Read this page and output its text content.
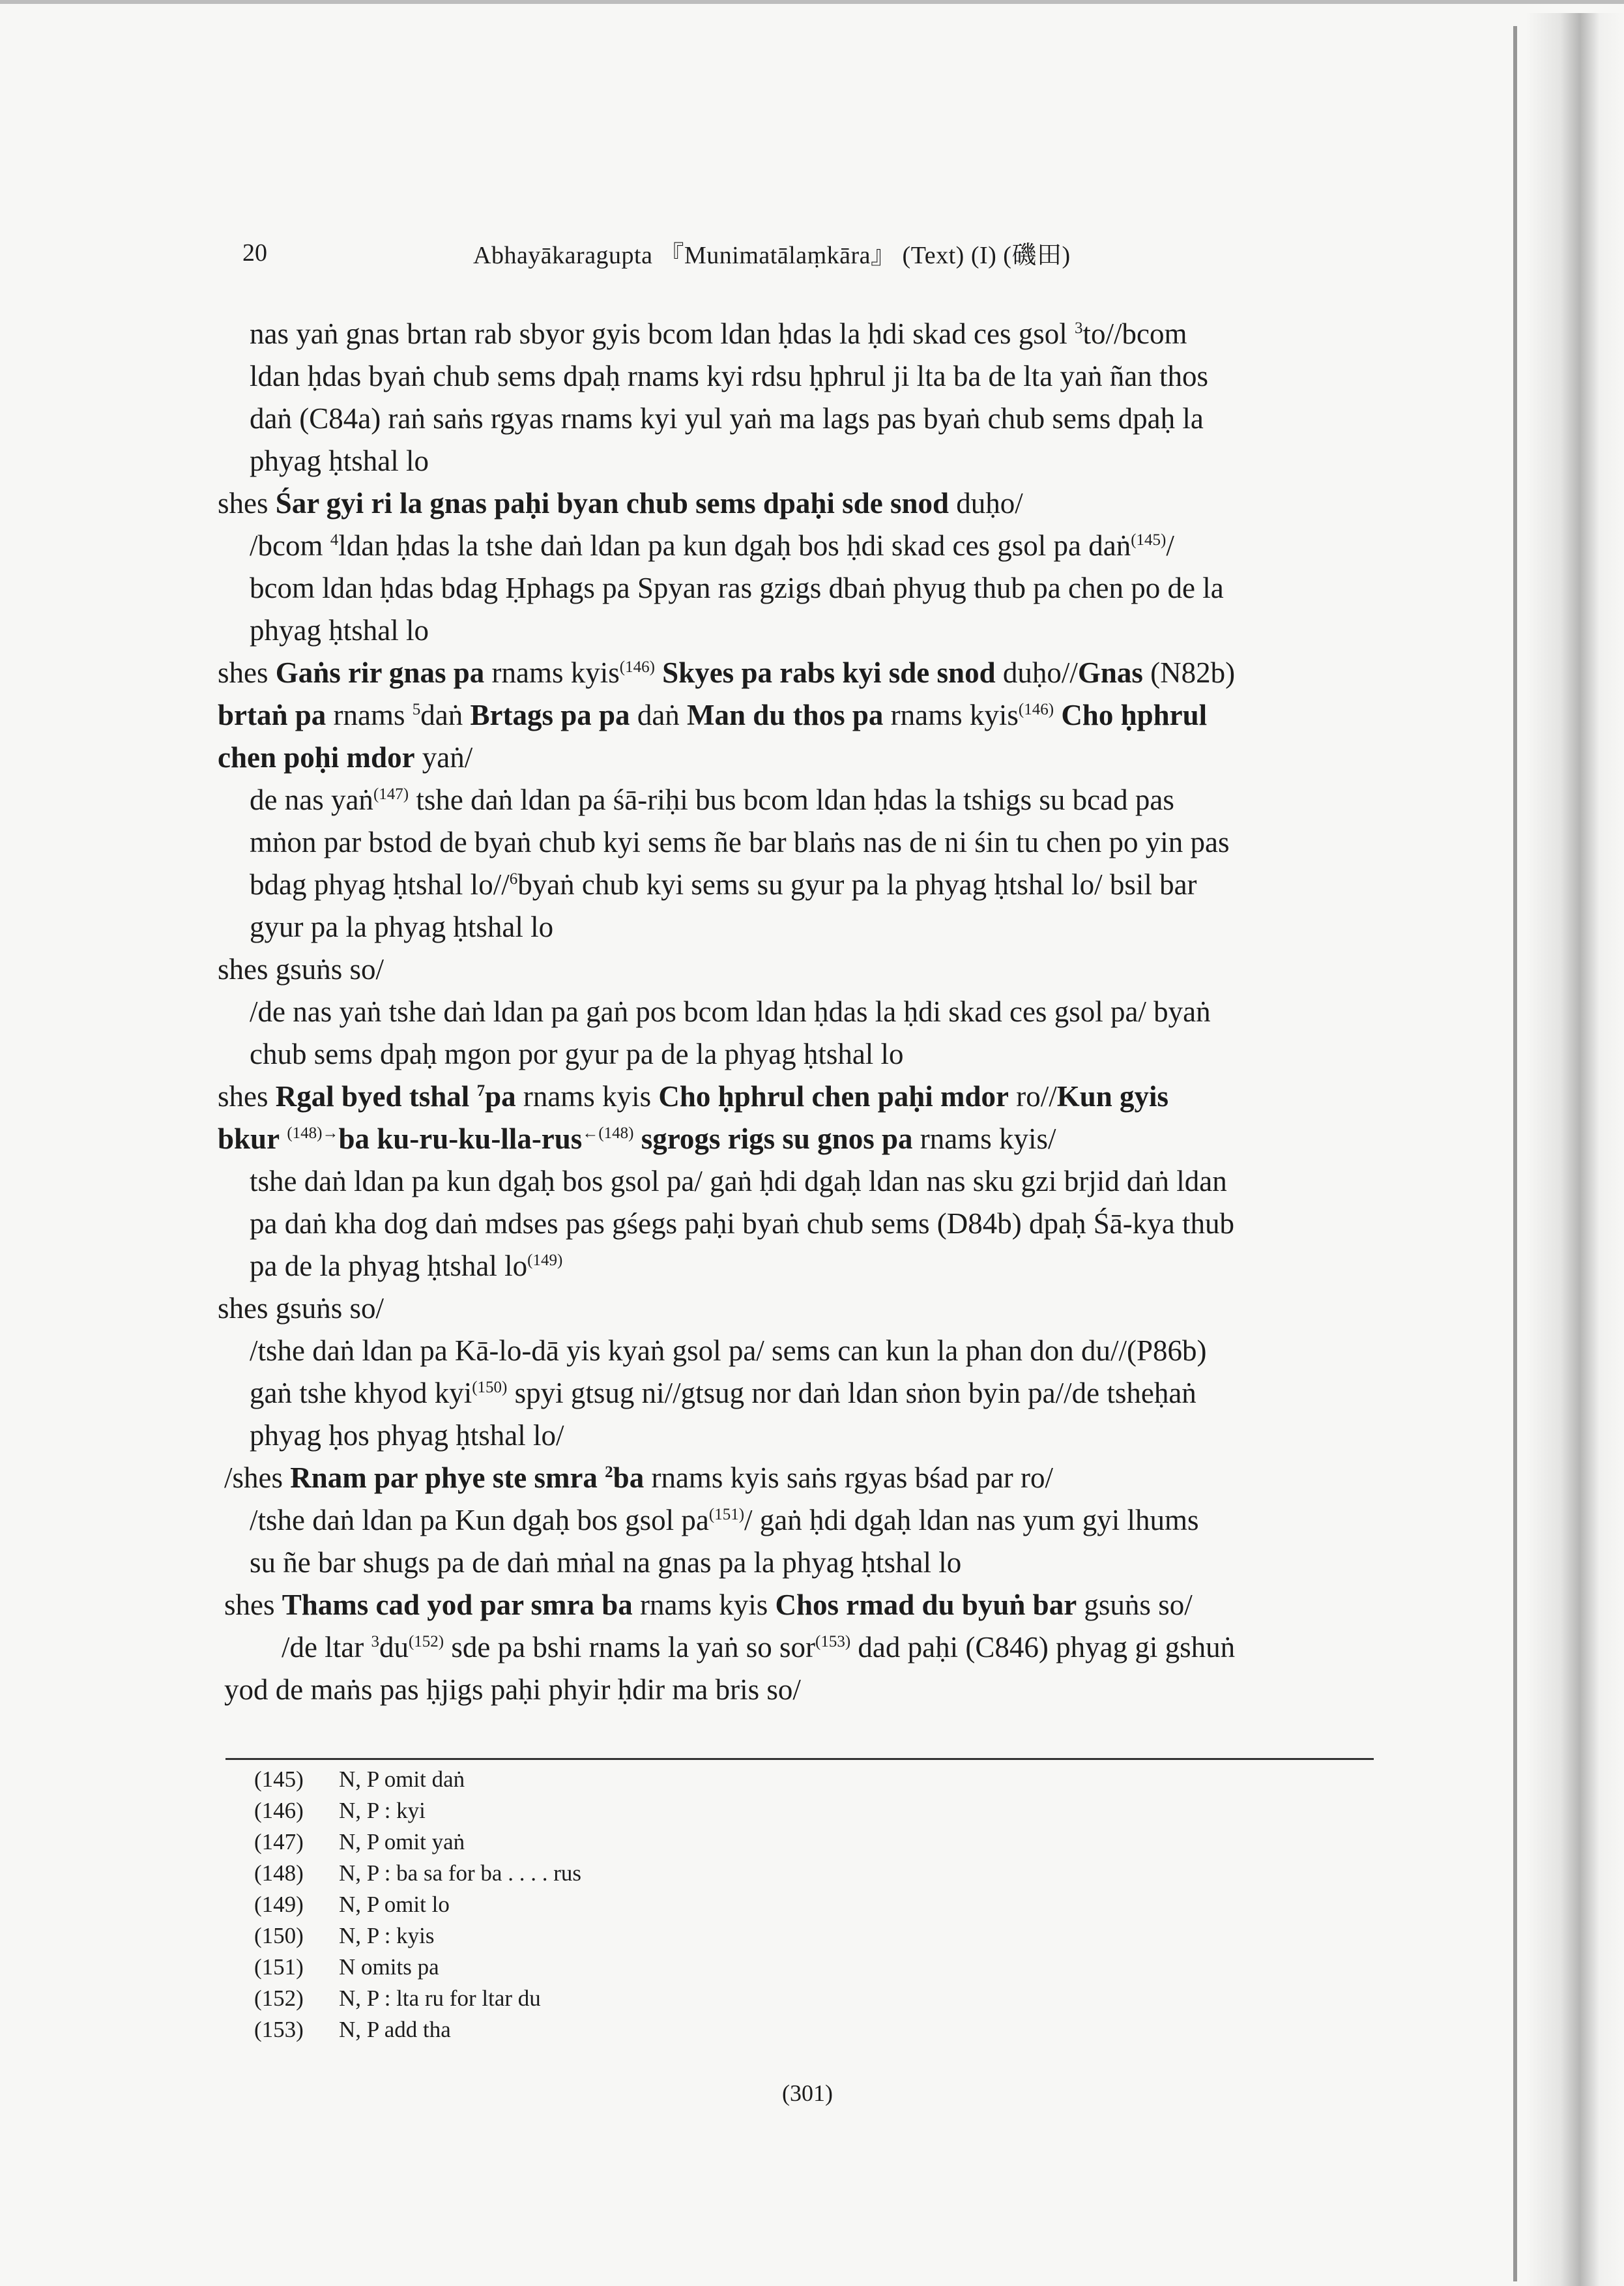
20	Abhayākaragupta 『Munimatālaṃkāra』 (Text) (I) (磯田)
nas yaṅ gnas brtan rab sbyor gyis bcom ldan ḥdas la ḥdi skad ces gsol $^3$to//bcom
ldan ḥdas byaṅ chub sems dpaḥ rnams kyi rdsu ḥphrul ji lta ba de lta yaṅ ñan thos
daṅ (C84a) raṅ saṅs rgyas rnams kyi yul yaṅ ma lags pas byaṅ chub sems dpaḥ la
phyag ḥtshal lo
shes Śar gyi ri la gnas paḥi byan chub sems dpaḥi sde snod duḥo/
/bcom $^4$ldan ḥdas la tshe daṅ ldan pa kun dgaḥ bos ḥdi skad ces gsol pa daṅ$^{(145)}$/
bcom ldan ḥdas bdag Ḥphags pa Spyan ras gzigs dbaṅ phyug thub pa chen po de la
phyag ḥtshal lo
shes Gaṅs rir gnas pa rnams kyis$^{(146)}$ Skyes pa rabs kyi sde snod duḥo//Gnas (N82b)
brtaṅ pa rnams $^5$daṅ Brtags pa pa daṅ Man du thos pa rnams kyis$^{(146)}$ Cho ḥphrul
chen poḥi mdor yaṅ/
de nas yaṅ$^{(147)}$ tshe daṅ ldan pa śā-riḥi bus bcom ldan ḥdas la tshigs su bcad pas
mṅon par bstod de byaṅ chub kyi sems ñe bar blaṅs nas de ni śin tu chen po yin pas
bdag phyag ḥtshal lo//$^6$byaṅ chub kyi sems su gyur pa la phyag ḥtshal lo/ bsil bar
gyur pa la phyag ḥtshal lo
shes gsuṅs so/
/de nas yaṅ tshe daṅ ldan pa gaṅ pos bcom ldan ḥdas la ḥdi skad ces gsol pa/ byaṅ
chub sems dpaḥ mgon por gyur pa de la phyag ḥtshal lo
shes Rgal byed tshal $^7$pa rnams kyis Cho ḥphrul chen paḥi mdor ro//Kun gyis
bkur $^{(148)\to}$ba ku-ru-ku-lla-rus$^{\leftarrow(148)}$ sgrogs rigs su gnos pa rnams kyis/
tshe daṅ ldan pa kun dgaḥ bos gsol pa/ gaṅ ḥdi dgaḥ ldan nas sku gzi brjid daṅ ldan
pa daṅ kha dog daṅ mdses pas gśegs paḥi byaṅ chub sems (D84b) dpaḥ Śā-kya thub
pa de la phyag ḥtshal $lo^{(149)}$
shes gsuṅs so/
/tshe daṅ ldan pa Kā-lo-dā yis kyaṅ gsol pa/ sems can kun la phan don du//(P86b)
gaṅ tshe khyod kyi$^{(150)}$ spyi gtsug ni//gtsug nor daṅ ldan sṅon byin pa//de tsheḥaṅ
phyag ḥos phyag ḥtshal lo/
/shes Rnam par phye ste smra $^2$ba rnams kyis saṅs rgyas bśad par ro/
/tshe daṅ ldan pa Kun dgaḥ bos gsol $pa^{(151)}/$ gaṅ ḥdi dgaḥ ldan nas yum gyi lhums
su ñe bar shugs pa de daṅ mṅal na gnas pa la phyag ḥtshal lo
shes Thams cad yod par smra ba rnams kyis Chos rmad du byuṅ bar gsuṅs so/
/de ltar $^3du^{(152)}$ sde pa bshi rnams la yaṅ so sor$^{(153)}$ dad paḥi (C846) phyag gi gshuṅ
yod de maṅs pas ḥjigs paḥi phyir ḥdir ma bris so/
(145) N, P omit daṅ
(146) N, P : kyi
(147) N, P omit yaṅ
(148) N, P : ba sa for ba . . . . rus
(149) N, P omit lo
(150) N, P : kyis
(151) N omits pa
(152) N, P : lta ru for ltar du
(153) N, P add tha
(301)
